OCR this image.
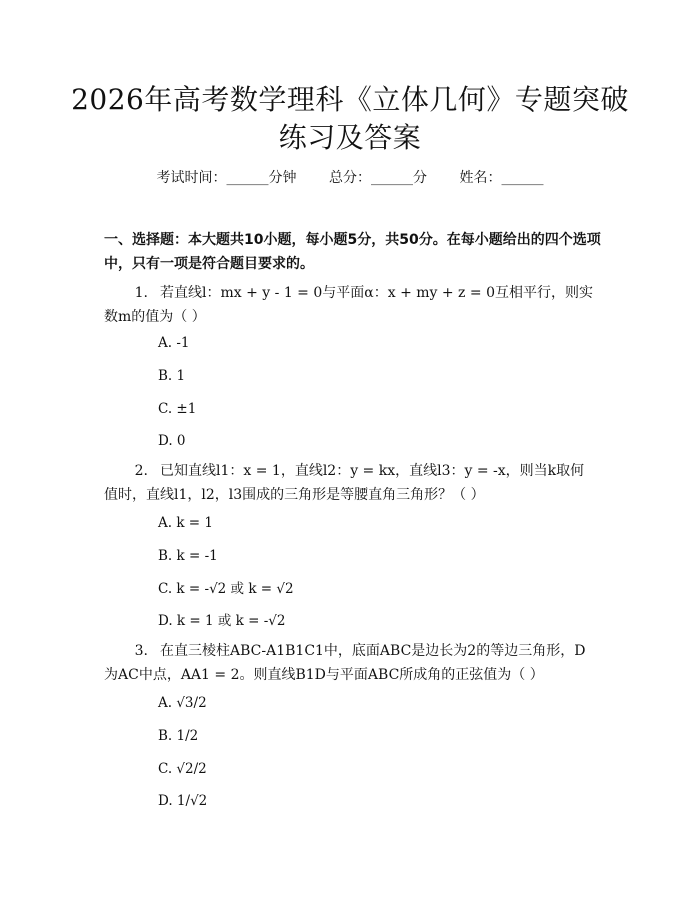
2026年高考数学理科《立体几何》专题突破
练习及答案
考试时间：______分钟 总分：______分 姓名：______
一、选择题：本大题共10小题，每小题5分，共50分。在每小题给出的四个选项中，只有一项是符合题目要求的。
1. 若直线l：mx + y - 1 = 0与平面α：x + my + z = 0互相平行，则实数m的值为（ ）
A. -1
B. 1
C. ±1
D. 0
2. 已知直线l1：x = 1，直线l2：y = kx，直线l3：y = -x，则当k取何值时，直线l1，l2，l3围成的三角形是等腰直角三角形？（ ）
A. k = 1
B. k = -1
C. k = -√2 或 k = √2
D. k = 1 或 k = -√2
3. 在直三棱柱ABC-A1B1C1中，底面ABC是边长为2的等边三角形，D为AC中点，AA1 = 2。则直线B1D与平面ABC所成角的正弦值为（ ）
A. √3/2
B. 1/2
C. √2/2
D. 1/√2
